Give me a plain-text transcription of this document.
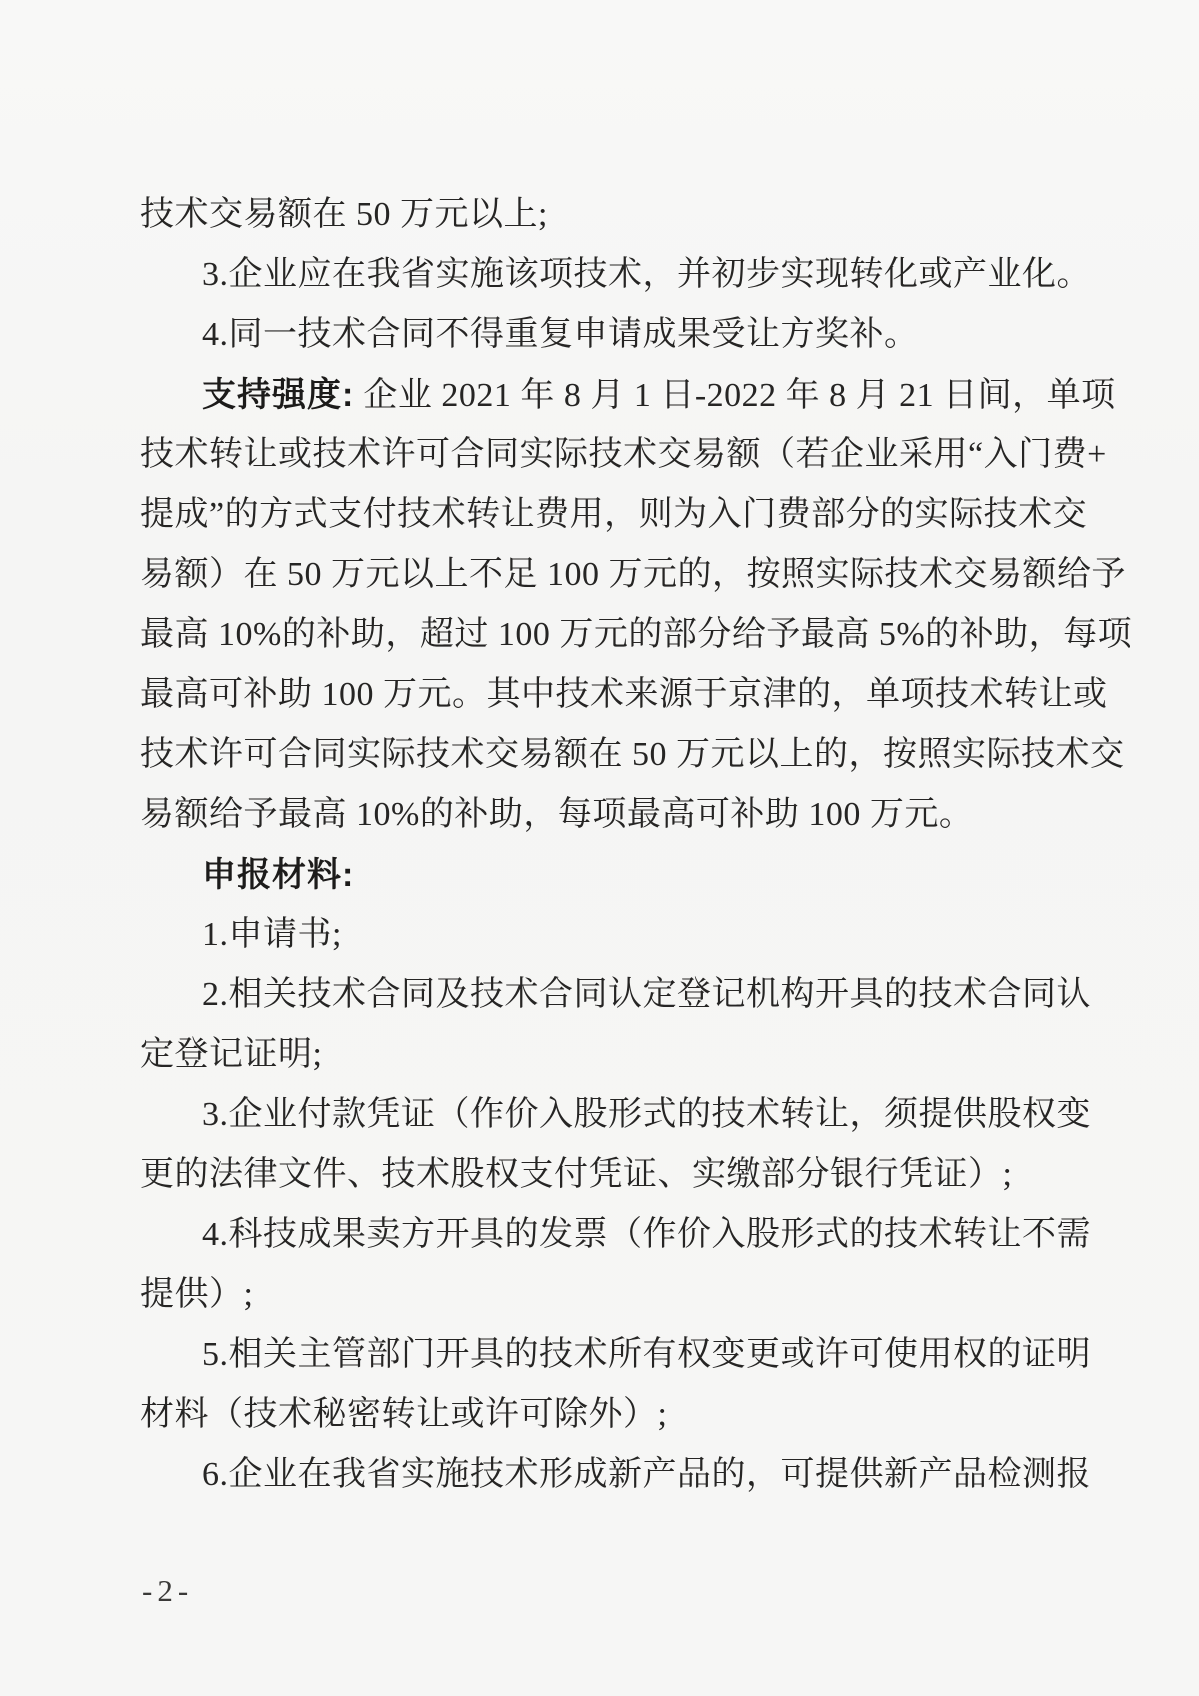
技术交易额在 50 万元以上;
3.企业应在我省实施该项技术，并初步实现转化或产业化。
4.同一技术合同不得重复申请成果受让方奖补。
支持强度: 企业 2021 年 8 月 1 日-2022 年 8 月 21 日间，单项
技术转让或技术许可合同实际技术交易额（若企业采用“入门费+
提成”的方式支付技术转让费用，则为入门费部分的实际技术交
易额）在 50 万元以上不足 100 万元的，按照实际技术交易额给予
最高 10%的补助，超过 100 万元的部分给予最高 5%的补助，每项
最高可补助 100 万元。其中技术来源于京津的，单项技术转让或
技术许可合同实际技术交易额在 50 万元以上的，按照实际技术交
易额给予最高 10%的补助，每项最高可补助 100 万元。
申报材料:
1.申请书;
2.相关技术合同及技术合同认定登记机构开具的技术合同认
定登记证明;
3.企业付款凭证（作价入股形式的技术转让，须提供股权变
更的法律文件、技术股权支付凭证、实缴部分银行凭证）;
4.科技成果卖方开具的发票（作价入股形式的技术转让不需
提供）;
5.相关主管部门开具的技术所有权变更或许可使用权的证明
材料（技术秘密转让或许可除外）;
6.企业在我省实施技术形成新产品的，可提供新产品检测报
-2-
